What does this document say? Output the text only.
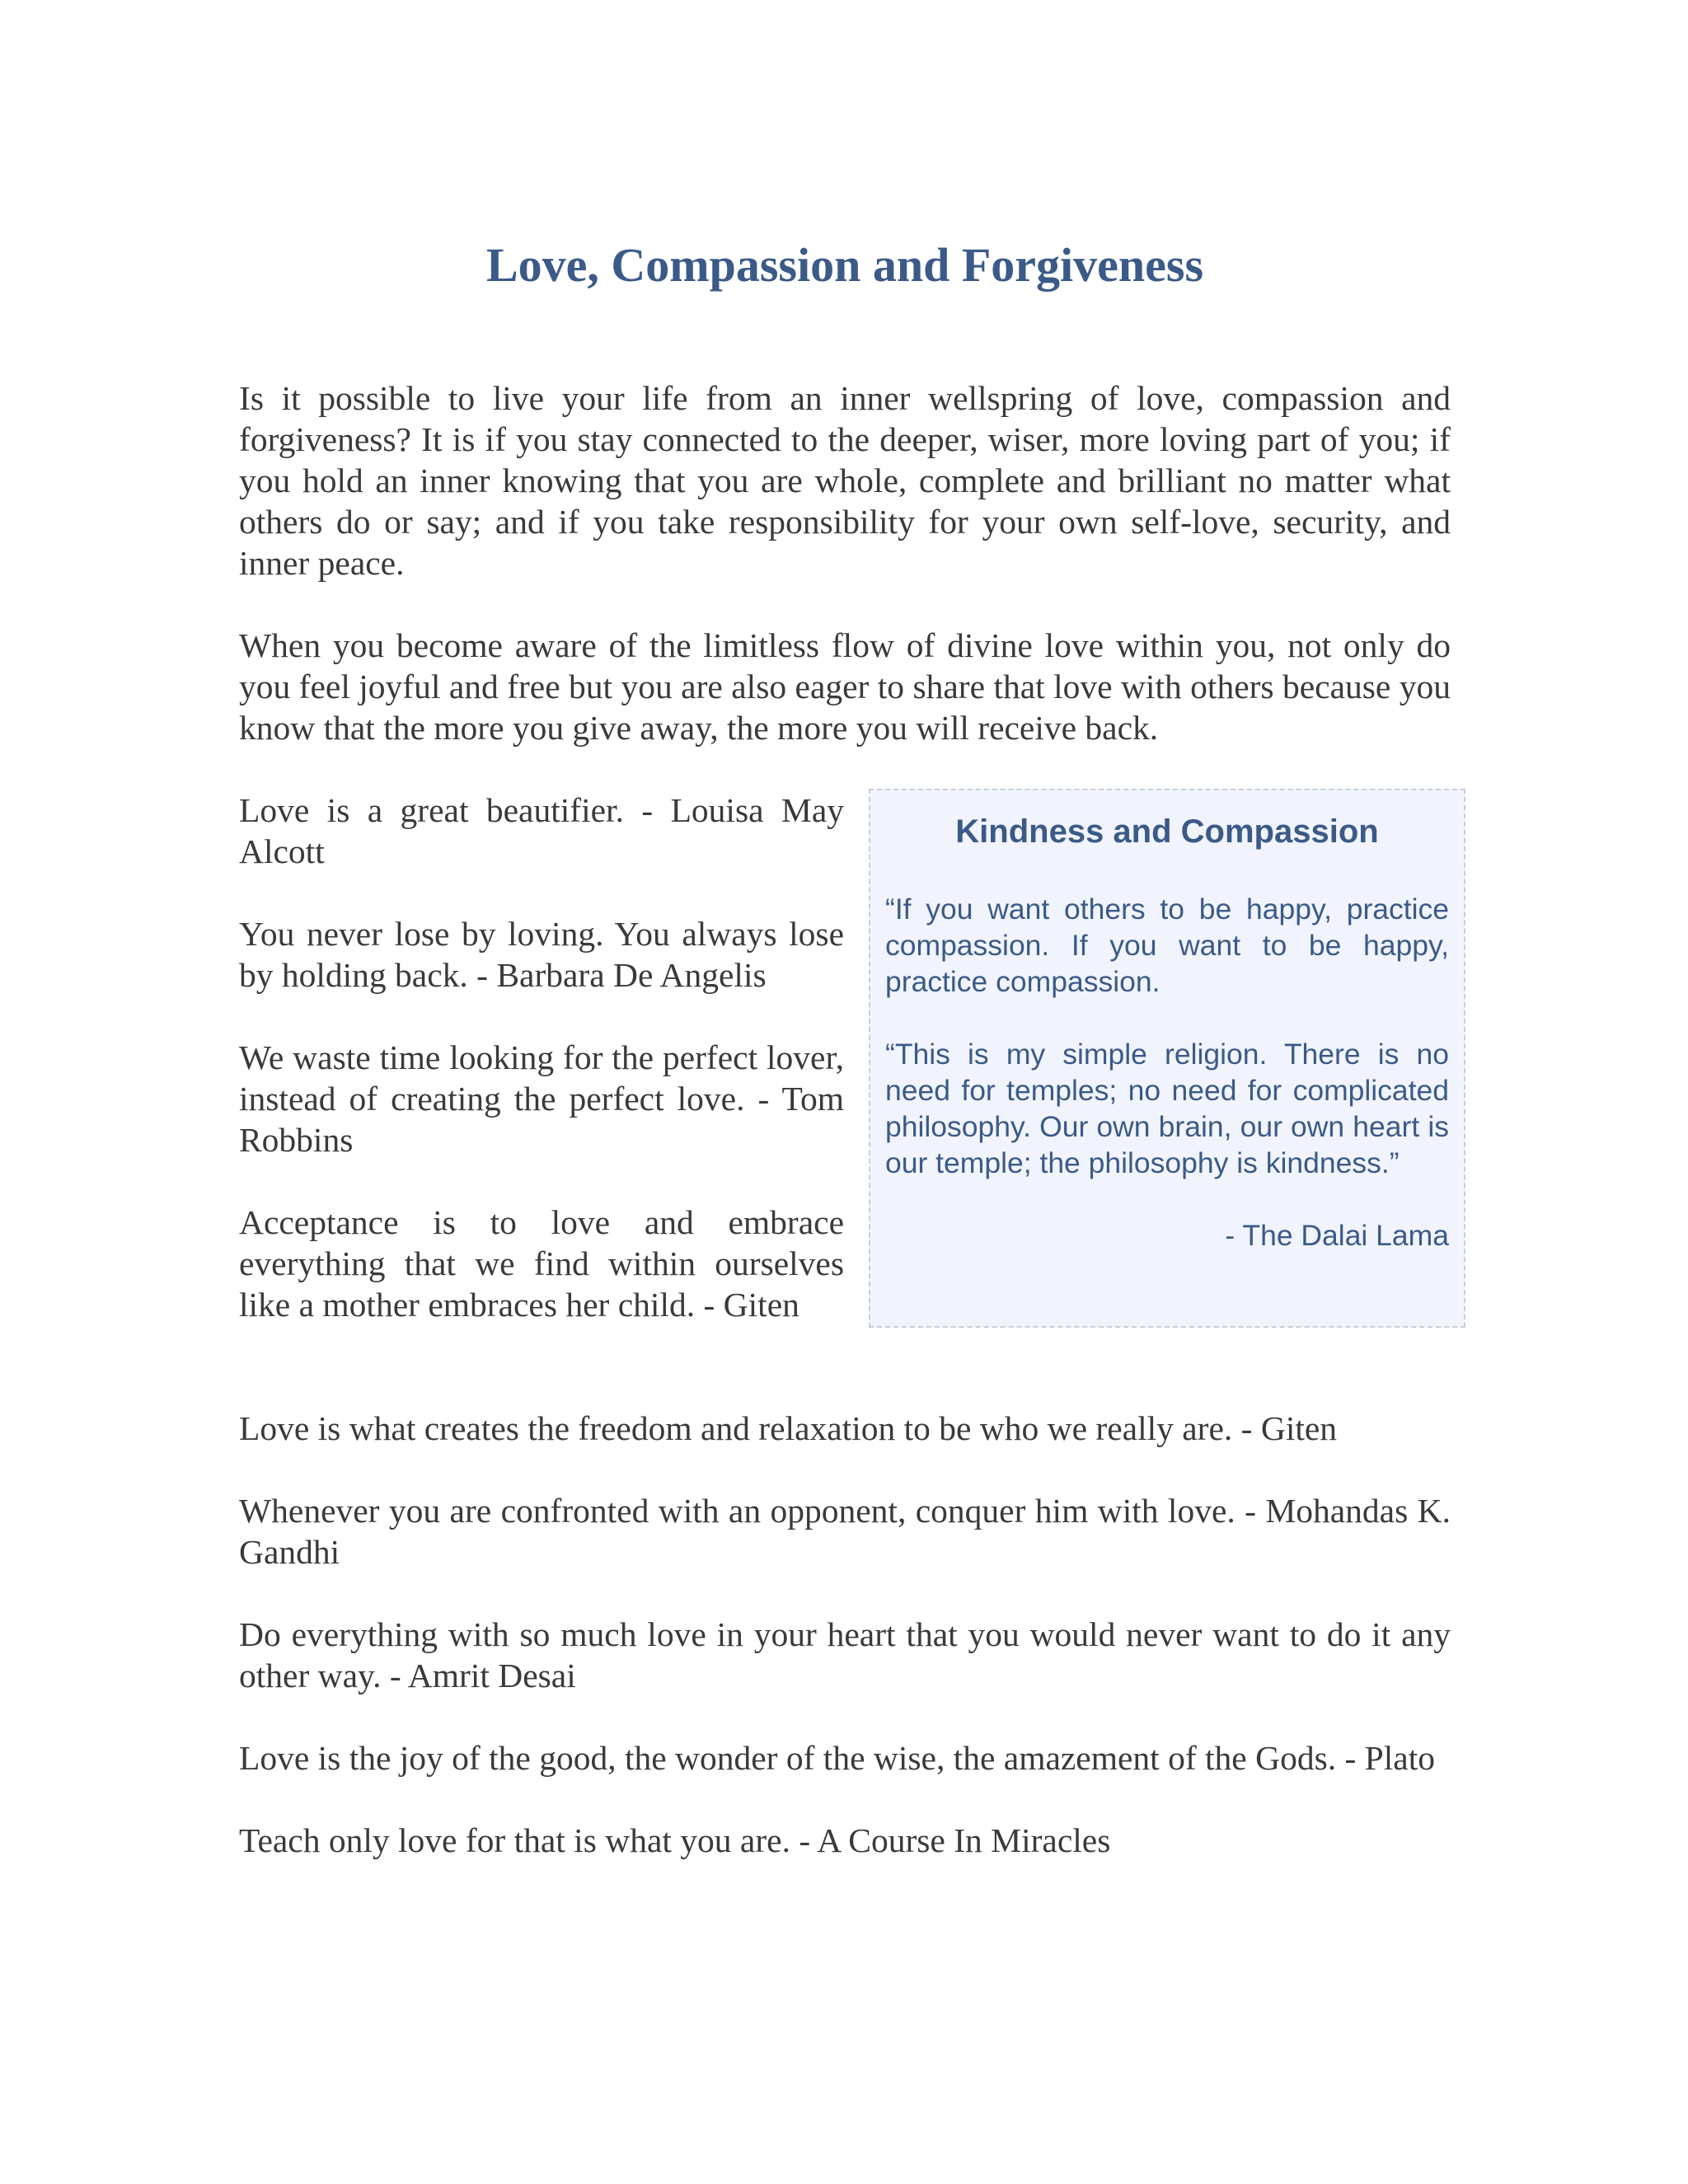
Love, Compassion and Forgiveness

Is it possible to live your life from an inner wellspring of love, compassion and forgiveness? It is if you stay connected to the deeper, wiser, more loving part of you; if you hold an inner knowing that you are whole, complete and brilliant no matter what others do or say; and if you take responsibility for your own self-love, security, and inner peace.

When you become aware of the limitless flow of divine love within you, not only do you feel joyful and free but you are also eager to share that love with others because you know that the more you give away, the more you will receive back.

Love is a great beautifier. - Louisa May Alcott

You never lose by loving. You always lose by holding back. - Barbara De Angelis

We waste time looking for the perfect lover, instead of creating the perfect love. - Tom Robbins

Acceptance is to love and embrace everything that we find within ourselves like a mother embraces her child. - Giten

Kindness and Compassion

“If you want others to be happy, practice compassion. If you want to be happy, practice compassion.

“This is my simple religion. There is no need for temples; no need for complicated philosophy. Our own brain, our own heart is our temple; the philosophy is kindness.”

- The Dalai Lama

Love is what creates the freedom and relaxation to be who we really are. - Giten

Whenever you are confronted with an opponent, conquer him with love. - Mohandas K. Gandhi

Do everything with so much love in your heart that you would never want to do it any other way. - Amrit Desai

Love is the joy of the good, the wonder of the wise, the amazement of the Gods. - Plato

Teach only love for that is what you are. - A Course In Miracles
